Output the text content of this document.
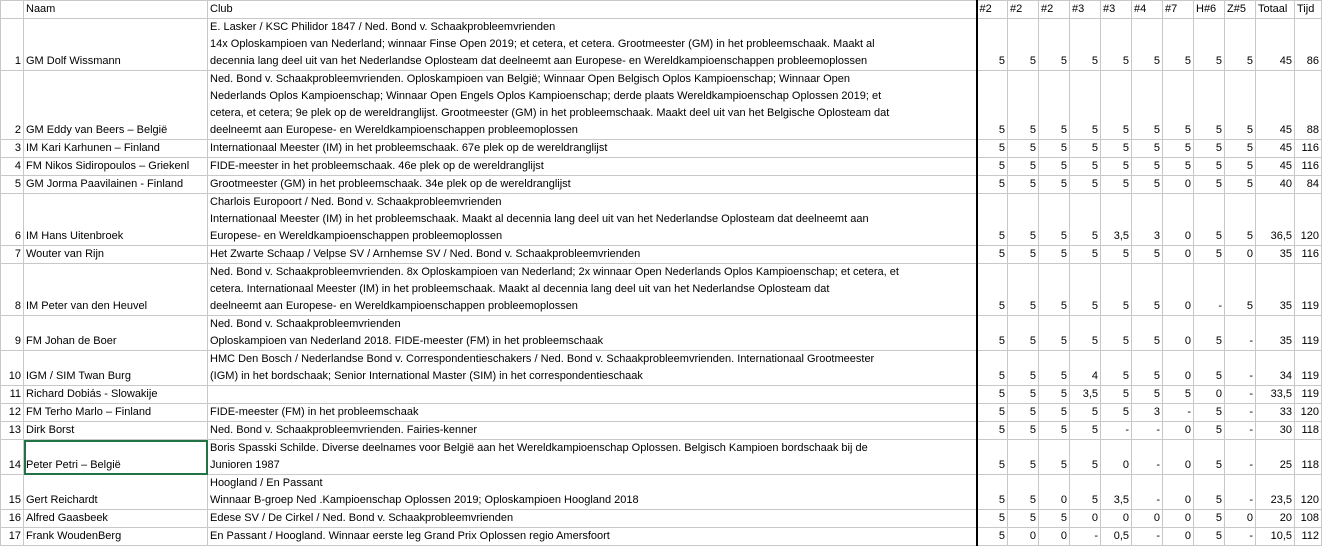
	Naam	Club	#2	#2	#2	#3	#3	#4	#7	H#6	Z#5	Totaal	Tijd
1	GM Dolf Wissmann	E. Lasker / KSC Philidor 1847 / Ned. Bond v. Schaakprobleemvrienden
14x Oploskampioen van Nederland; winnaar Finse Open 2019; et cetera, et cetera. Grootmeester (GM) in het probleemschaak. Maakt al
decennia lang deel uit van het Nederlandse Oplosteam dat deelneemt aan Europese- en Wereldkampioenschappen probleemoplossen	5	5	5	5	5	5	5	5	5	45	86
2	GM Eddy van Beers – België	Ned. Bond v. Schaakprobleemvrienden. Oploskampioen van België; Winnaar Open Belgisch Oplos Kampioenschap; Winnaar Open
Nederlands Oplos Kampioenschap; Winnaar Open Engels Oplos Kampioenschap; derde plaats Wereldkampioenschap Oplossen 2019; et
cetera, et cetera; 9e plek op de wereldranglijst. Grootmeester (GM) in het probleemschaak. Maakt deel uit van het Belgische Oplosteam dat
deelneemt aan Europese- en Wereldkampioenschappen probleemoplossen	5	5	5	5	5	5	5	5	5	45	88
3	IM Kari Karhunen – Finland	Internationaal Meester (IM) in het probleemschaak. 67e plek op de wereldranglijst	5	5	5	5	5	5	5	5	5	45	116
4	FM Nikos Sidiropoulos – Griekenl	FIDE-meester in het probleemschaak. 46e plek op de wereldranglijst	5	5	5	5	5	5	5	5	5	45	116
5	GM Jorma Paavilainen - Finland	Grootmeester (GM) in het probleemschaak. 34e plek op de wereldranglijst	5	5	5	5	5	5	0	5	5	40	84
6	IM Hans Uitenbroek	Charlois Europoort / Ned. Bond v. Schaakprobleemvrienden
Internationaal Meester (IM) in het probleemschaak. Maakt al decennia lang deel uit van het Nederlandse Oplosteam dat deelneemt aan
Europese- en Wereldkampioenschappen probleemoplossen	5	5	5	5	3,5	3	0	5	5	36,5	120
7	Wouter van Rijn	Het Zwarte Schaap / Velpse SV / Arnhemse SV / Ned. Bond v. Schaakprobleemvrienden	5	5	5	5	5	5	0	5	0	35	116
8	IM Peter van den Heuvel	Ned. Bond v. Schaakprobleemvrienden. 8x Oploskampioen van Nederland; 2x winnaar Open Nederlands Oplos Kampioenschap; et cetera, et
cetera. Internationaal Meester (IM) in het probleemschaak. Maakt al decennia lang deel uit van het Nederlandse Oplosteam dat
deelneemt aan Europese- en Wereldkampioenschappen probleemoplossen	5	5	5	5	5	5	0	-	5	35	119
9	FM Johan de Boer	Ned. Bond v. Schaakprobleemvrienden
Oploskampioen van Nederland 2018. FIDE-meester (FM) in het probleemschaak	5	5	5	5	5	5	0	5	-	35	119
10	IGM / SIM Twan Burg	HMC Den Bosch / Nederlandse Bond v. Correspondentieschakers / Ned. Bond v. Schaakprobleemvrienden. Internationaal Grootmeester
(IGM) in het bordschaak; Senior International Master (SIM) in het correspondentieschaak	5	5	5	4	5	5	0	5	-	34	119
11	Richard Dobiás - Slowakije		5	5	5	3,5	5	5	5	0	-	33,5	119
12	FM Terho Marlo – Finland	FIDE-meester (FM) in het probleemschaak	5	5	5	5	5	3	-	5	-	33	120
13	Dirk Borst	Ned. Bond v. Schaakprobleemvrienden. Fairies-kenner	5	5	5	5	-	-	0	5	-	30	118
14	Peter Petri – België	Boris Spasski Schilde. Diverse deelnames voor België aan het Wereldkampioenschap Oplossen. Belgisch Kampioen bordschaak bij de
Junioren 1987	5	5	5	5	0	-	0	5	-	25	118
15	Gert Reichardt	Hoogland / En Passant
Winnaar B-groep Ned .Kampioenschap Oplossen 2019; Oploskampioen Hoogland 2018	5	5	0	5	3,5	-	0	5	-	23,5	120
16	Alfred Gaasbeek	Edese SV / De Cirkel / Ned. Bond v. Schaakprobleemvrienden	5	5	5	0	0	0	0	5	0	20	108
17	Frank WoudenBerg	En Passant / Hoogland. Winnaar eerste leg Grand Prix Oplossen regio Amersfoort	5	0	0	-	0,5	-	0	5	-	10,5	112
